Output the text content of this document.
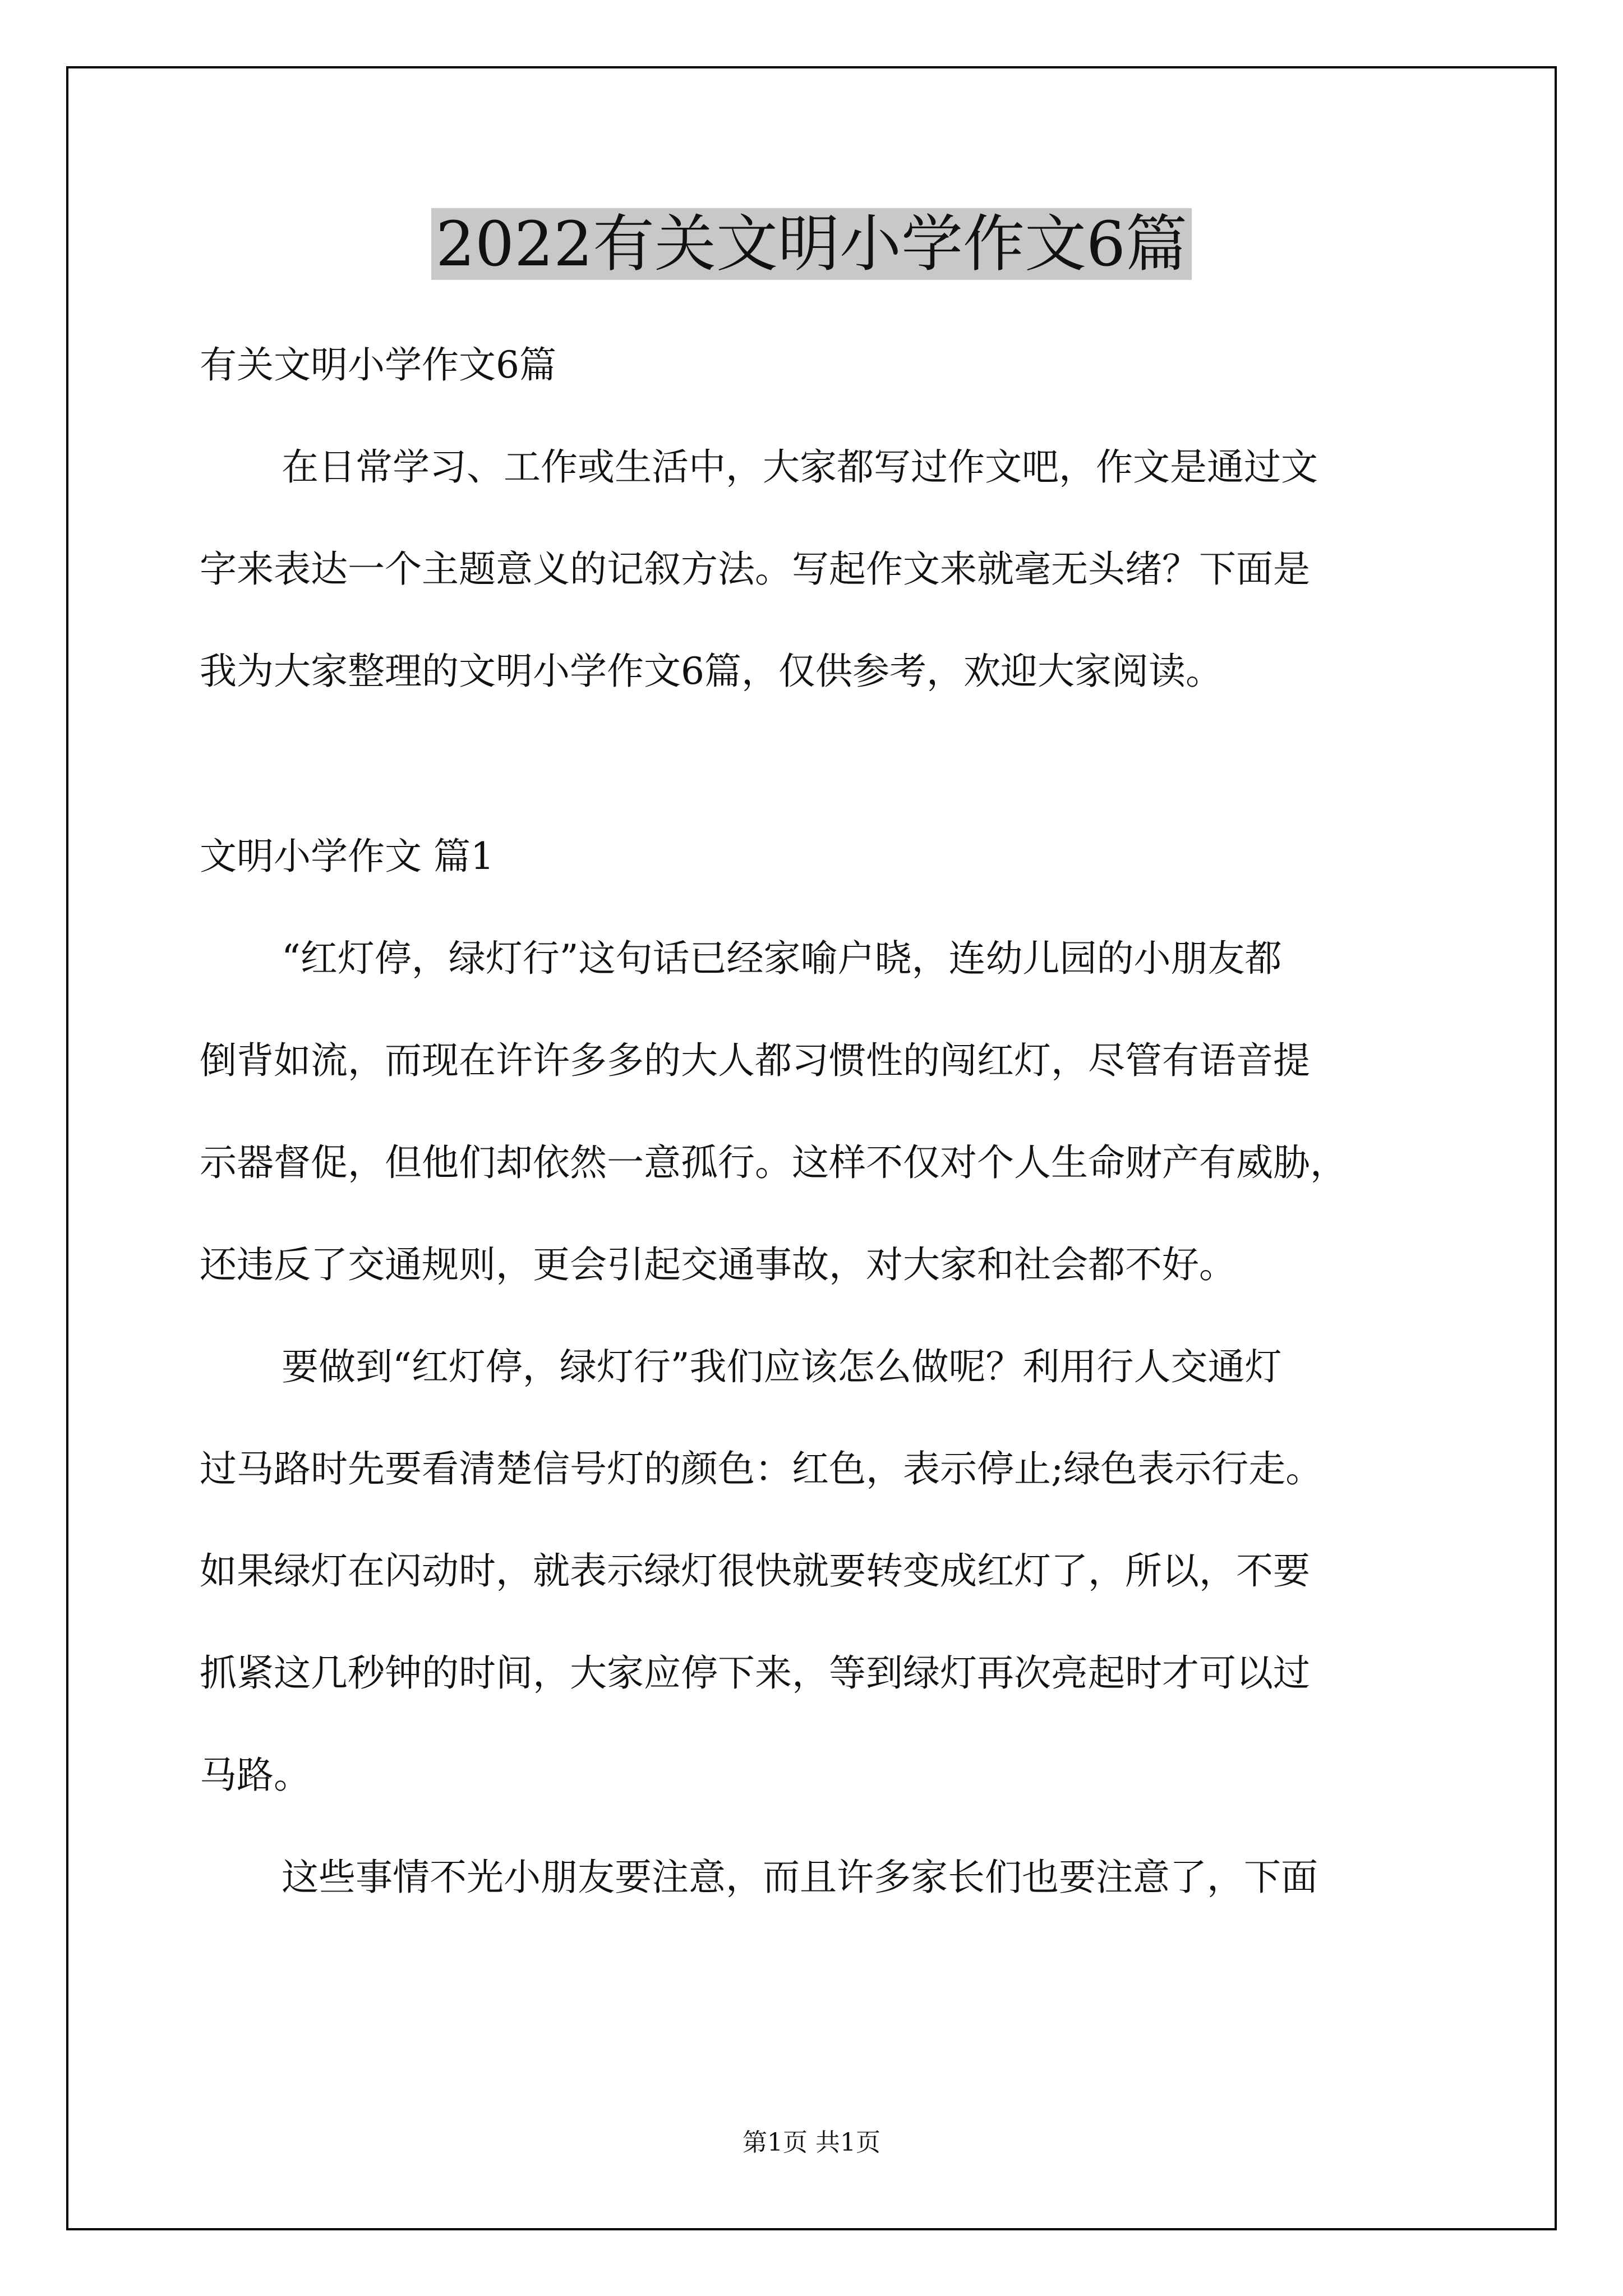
2022有关文明小学作文6篇

有关文明小学作文6篇

在日常学习、工作或生活中，大家都写过作文吧，作文是通过文

字来表达一个主题意义的记叙方法。写起作文来就毫无头绪？下面是

我为大家整理的文明小学作文6篇，仅供参考，欢迎大家阅读。

文明小学作文 篇1

“红灯停，绿灯行”这句话已经家喻户晓，连幼儿园的小朋友都

倒背如流，而现在许许多多的大人都习惯性的闯红灯，尽管有语音提

示器督促，但他们却依然一意孤行。这样不仅对个人生命财产有威胁，

还违反了交通规则，更会引起交通事故，对大家和社会都不好。

要做到“红灯停，绿灯行”我们应该怎么做呢？利用行人交通灯

过马路时先要看清楚信号灯的颜色：红色，表示停止;绿色表示行走。

如果绿灯在闪动时，就表示绿灯很快就要转变成红灯了，所以，不要

抓紧这几秒钟的时间，大家应停下来，等到绿灯再次亮起时才可以过

马路。

这些事情不光小朋友要注意，而且许多家长们也要注意了，下面

第1页 共1页
